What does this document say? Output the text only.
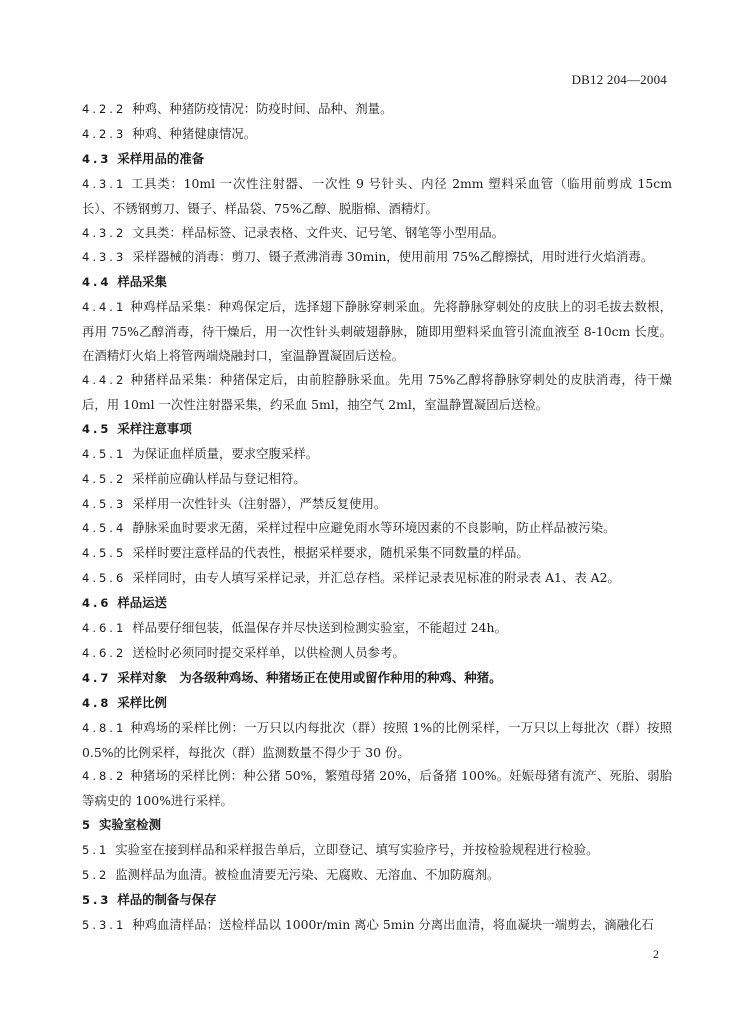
DB12 204—2004

4.2.2 种鸡、种猪防疫情况：防疫时间、品种、剂量。

4.2.3 种鸡、种猪健康情况。

4.3 采样用品的准备

4.3.1 工具类：10ml 一次性注射器、一次性 9 号针头、内径 2mm 塑料采血管（临用前剪成 15cm 长）、不锈钢剪刀、镊子、样品袋、75%乙醇、脱脂棉、酒精灯。

4.3.2 文具类：样品标签、记录表格、文件夹、记号笔、钢笔等小型用品。

4.3.3 采样器械的消毒：剪刀、镊子煮沸消毒 30min，使用前用 75%乙醇擦拭，用时进行火焰消毒。

4.4 样品采集

4.4.1 种鸡样品采集：种鸡保定后，选择翅下静脉穿刺采血。先将静脉穿刺处的皮肤上的羽毛拔去数根，再用 75%乙醇消毒，待干燥后，用一次性针头刺破翅静脉，随即用塑料采血管引流血液至 8-10cm 长度。在酒精灯火焰上将管两端烧融封口，室温静置凝固后送检。

4.4.2 种猪样品采集：种猪保定后，由前腔静脉采血。先用 75%乙醇将静脉穿刺处的皮肤消毒，待干燥后，用 10ml 一次性注射器采集，约采血 5ml，抽空气 2ml，室温静置凝固后送检。

4.5 采样注意事项

4.5.1 为保证血样质量，要求空腹采样。

4.5.2 采样前应确认样品与登记相符。

4.5.3 采样用一次性针头（注射器），严禁反复使用。

4.5.4 静脉采血时要求无菌，采样过程中应避免雨水等环境因素的不良影响，防止样品被污染。

4.5.5 采样时要注意样品的代表性，根据采样要求，随机采集不同数量的样品。

4.5.6 采样同时，由专人填写采样记录，并汇总存档。采样记录表见标准的附录表 A1、表 A2。

4.6 样品运送

4.6.1 样品要仔细包装，低温保存并尽快送到检测实验室，不能超过 24h。

4.6.2 送检时必须同时提交采样单，以供检测人员参考。

4.7 采样对象　为各级种鸡场、种猪场正在使用或留作种用的种鸡、种猪。

4.8 采样比例

4.8.1 种鸡场的采样比例：一万只以内每批次（群）按照 1%的比例采样，一万只以上每批次（群）按照 0.5%的比例采样，每批次（群）监测数量不得少于 30 份。

4.8.2 种猪场的采样比例：种公猪 50%，繁殖母猪 20%，后备猪 100%。妊娠母猪有流产、死胎、弱胎等病史的 100%进行采样。

5 实验室检测

5.1 实验室在接到样品和采样报告单后，立即登记、填写实验序号，并按检验规程进行检验。

5.2 监测样品为血清。被检血清要无污染、无腐败、无溶血、不加防腐剂。

5.3 样品的制备与保存

5.3.1 种鸡血清样品：送检样品以 1000r/min 离心 5min 分离出血清，将血凝块一端剪去，滴融化石

2
